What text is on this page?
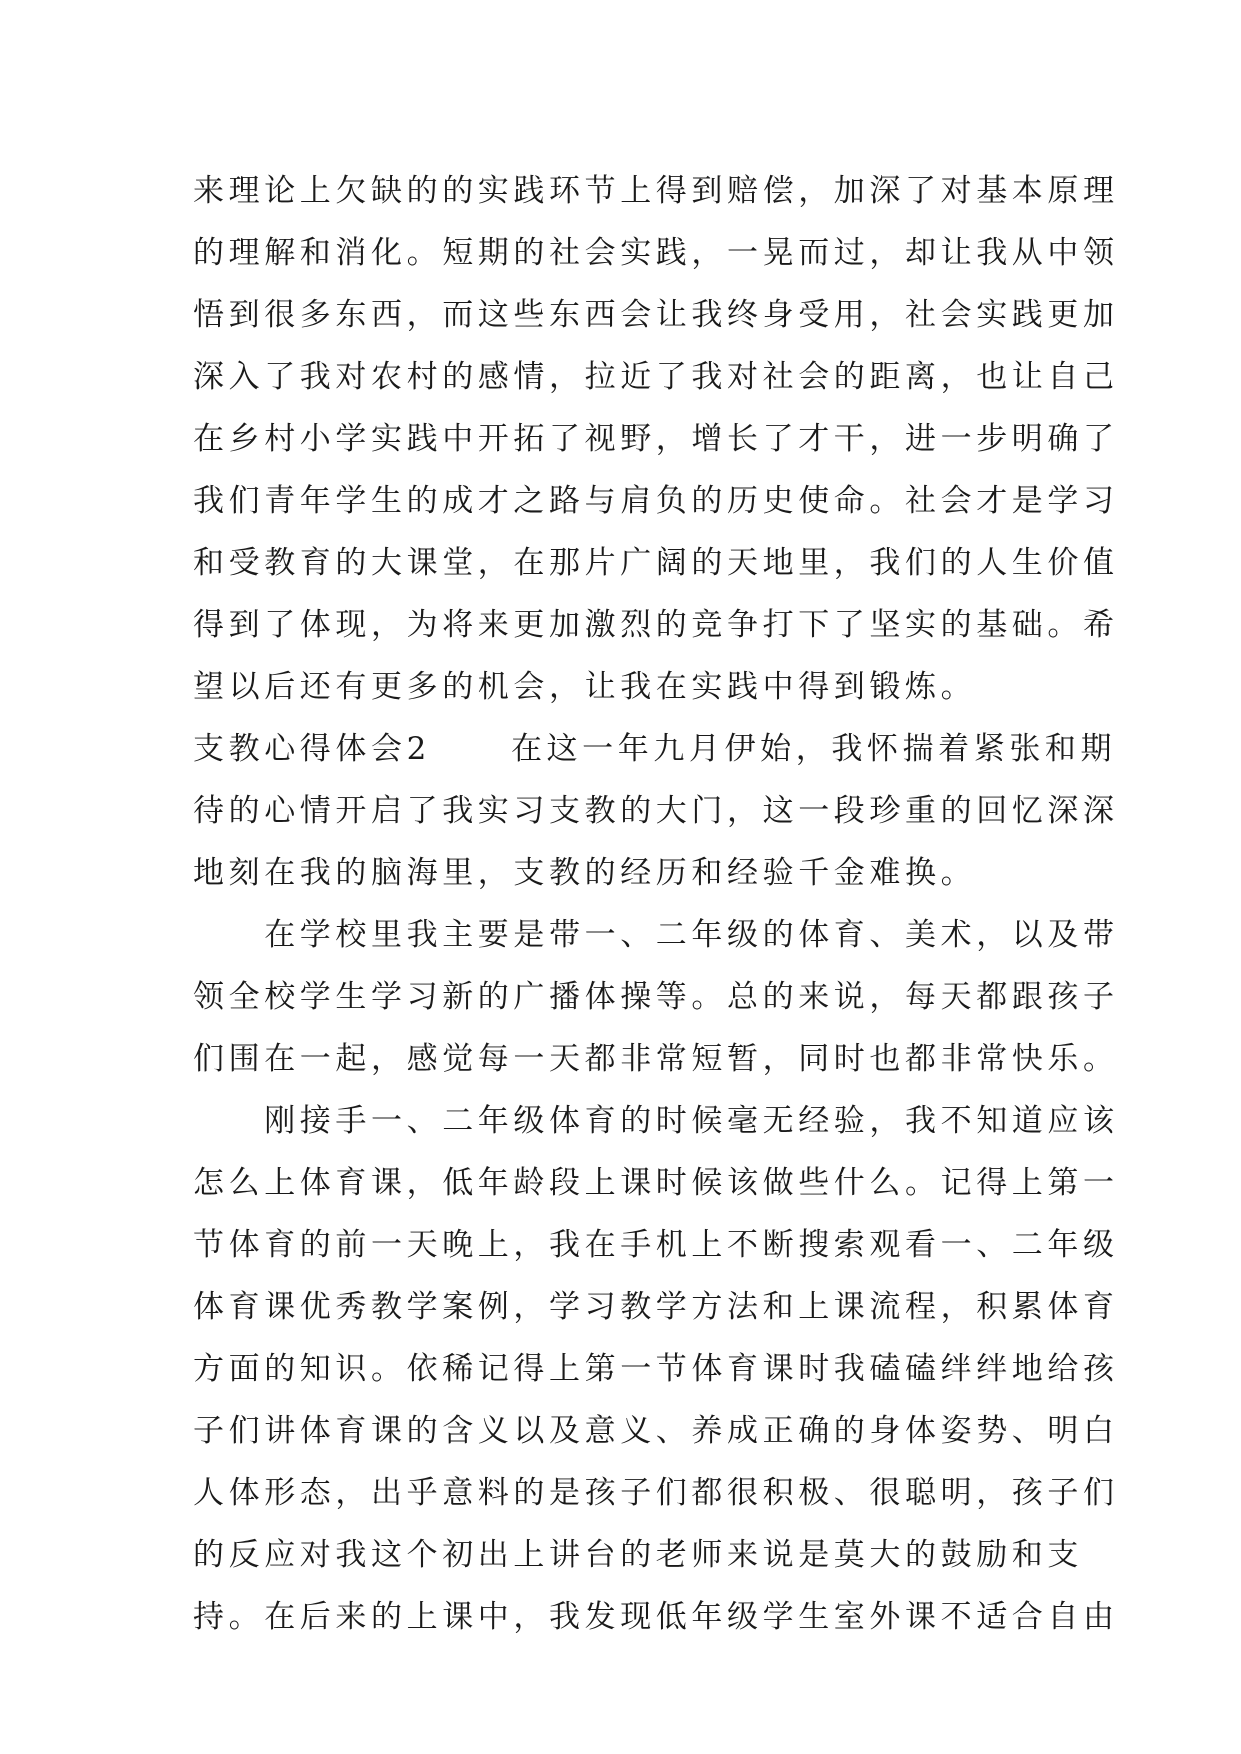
来理论上欠缺的的实践环节上得到赔偿，加深了对基本原理
的理解和消化。短期的社会实践，一晃而过，却让我从中领
悟到很多东西，而这些东西会让我终身受用，社会实践更加
深入了我对农村的感情，拉近了我对社会的距离，也让自己
在乡村小学实践中开拓了视野，增长了才干，进一步明确了
我们青年学生的成才之路与肩负的历史使命。社会才是学习
和受教育的大课堂，在那片广阔的天地里，我们的人生价值
得到了体现，为将来更加激烈的竞争打下了坚实的基础。希
望以后还有更多的机会，让我在实践中得到锻炼。
支教心得体会2	在这一年九月伊始，我怀揣着紧张和期
待的心情开启了我实习支教的大门，这一段珍重的回忆深深
地刻在我的脑海里，支教的经历和经验千金难换。
　　在学校里我主要是带一、二年级的体育、美术，以及带
领全校学生学习新的广播体操等。总的来说，每天都跟孩子
们围在一起，感觉每一天都非常短暂，同时也都非常快乐。
　　刚接手一、二年级体育的时候毫无经验，我不知道应该
怎么上体育课，低年龄段上课时候该做些什么。记得上第一
节体育的前一天晚上，我在手机上不断搜索观看一、二年级
体育课优秀教学案例，学习教学方法和上课流程，积累体育
方面的知识。依稀记得上第一节体育课时我磕磕绊绊地给孩
子们讲体育课的含义以及意义、养成正确的身体姿势、明白
人体形态，出乎意料的是孩子们都很积极、很聪明，孩子们
的反应对我这个初出上讲台的老师来说是莫大的鼓励和支
持。在后来的上课中，我发现低年级学生室外课不适合自由
